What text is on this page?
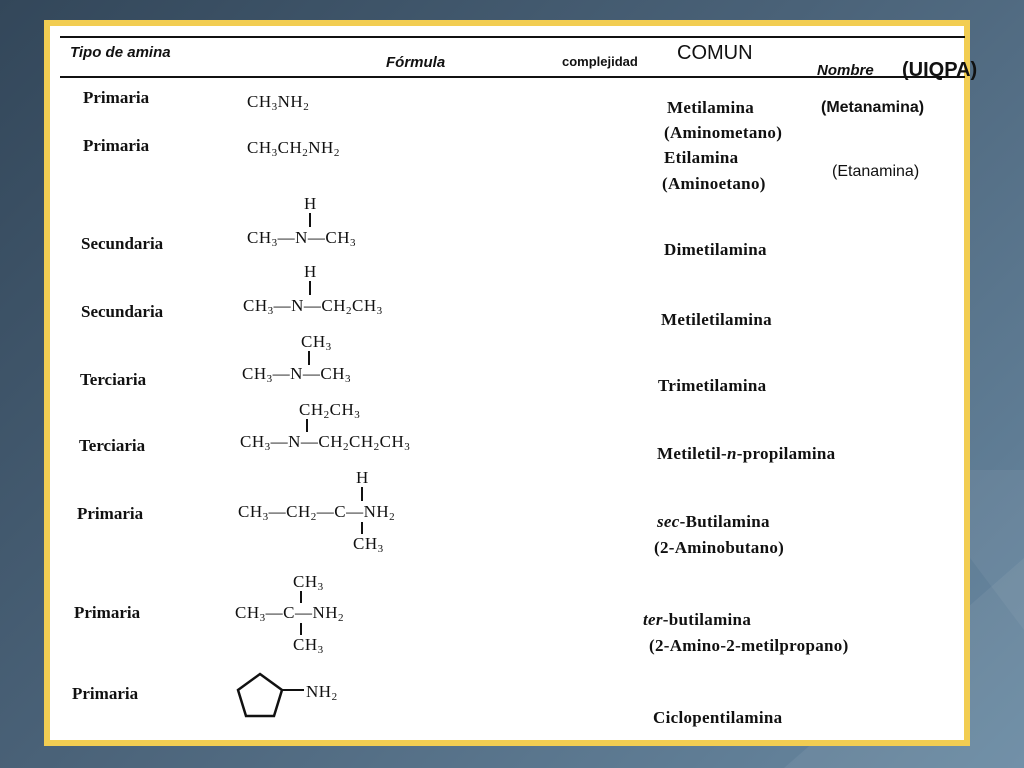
Tipo de amina
Fórmula	complejidad COMUN
Nombre (UIQPA)
Primaria
Primaria
Secundaria
Secundaria
Terciaria
Terciaria
Primaria
Primaria
Primaria
$CH_3NH_2$
$CH_3CH_2NH_2$
H
$CH_3—N—CH_3$
H
$CH_3—N—CH_2CH_3$
$CH_3$
$CH_3—N—CH_3$
$CH_2CH_3$
$CH_3—N—CH_2CH_2CH_3$
H
$CH_3—CH_2—C—NH_2$
$CH_3$
$CH_3$
$CH_3—C—NH_2$
$CH_3$
$NH_2$
Metilamina	(Metanamina)
(Aminometano)
Etilamina
(Etanamina)
(Aminoetano)
Dimetilamina
Metiletilamina
Trimetilamina
Metiletil-n-propilamina
sec-Butilamina
(2-Aminobutano)
ter-butilamina
(2-Amino-2-metilpropano)
Ciclopentilamina
